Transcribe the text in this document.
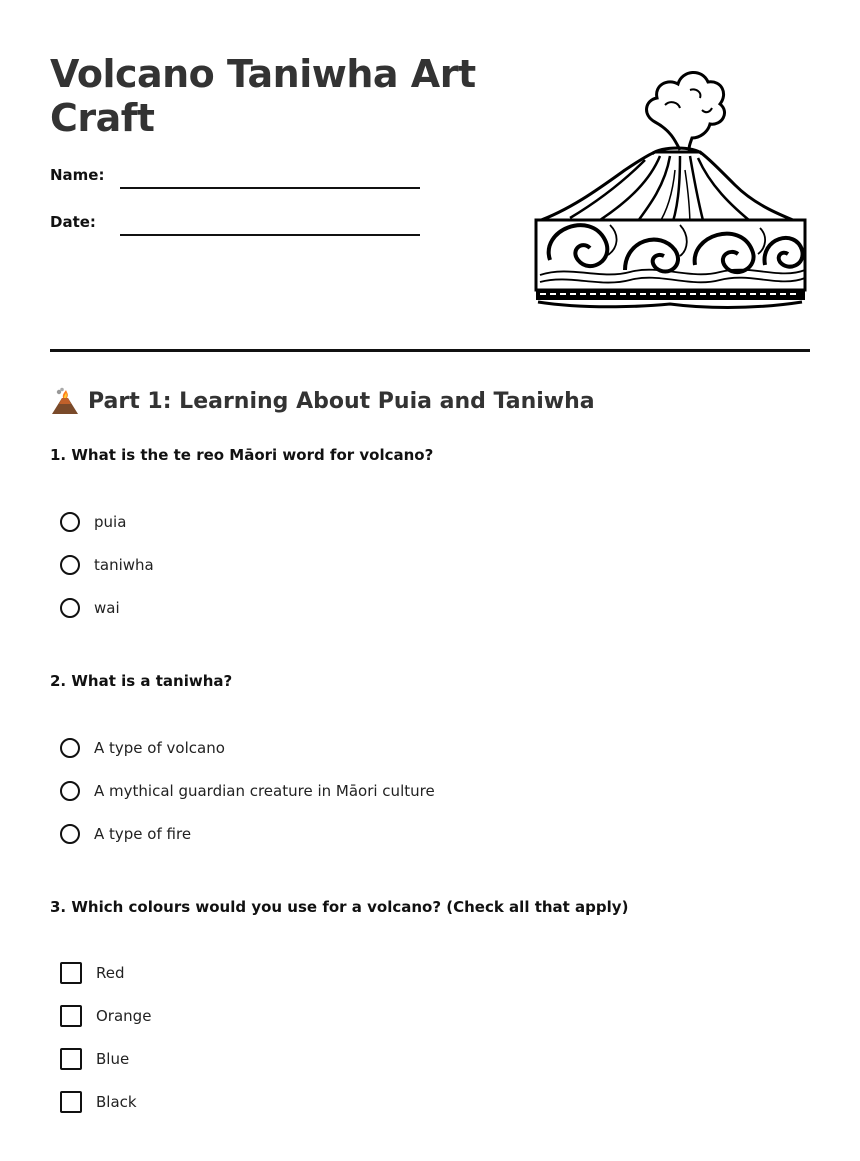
Volcano Taniwha Art Craft
Name:
Date:
Part 1: Learning About Puia and Taniwha
1. What is the te reo Māori word for volcano?
puia
taniwha
wai
2. What is a taniwha?
A type of volcano
A mythical guardian creature in Māori culture
A type of fire
3. Which colours would you use for a volcano? (Check all that apply)
Red
Orange
Blue
Black
